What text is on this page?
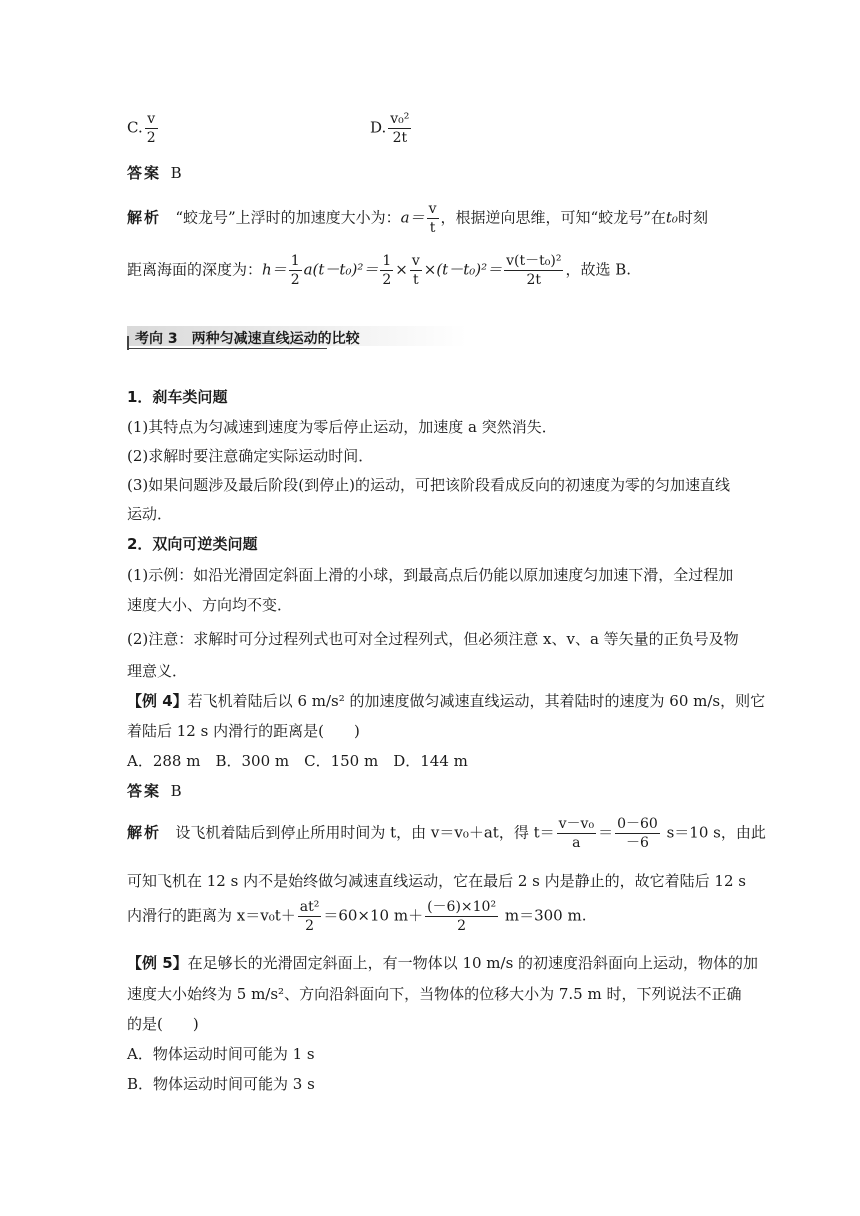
C. $\frac{v}{2}$	D. $\frac{\text{v₀²}}{2t}$
答案 B
解析 “蛟龙号”上浮时的加速度大小为：$a= \frac{v}{t}$ ，根据逆向思维，可知“蛟龙号”在t₀时刻
距离海面的深度为：$h= \frac{1}{2} a(t-t_0)^2= \frac{1}{2} \times \frac{v}{t} \times(t-t_0)^2= \frac{\text{v(t－t₀)²}}{2t}$ ，故选 B.
考向 3　两种匀减速直线运动的比较
1．刹车类问题
(1)其特点为匀减速到速度为零后停止运动，加速度 a 突然消失．
(2)求解时要注意确定实际运动时间．
(3)如果问题涉及最后阶段(到停止)的运动，可把该阶段看成反向的初速度为零的匀加速直线
运动．
2．双向可逆类问题
(1)示例：如沿光滑固定斜面上滑的小球，到最高点后仍能以原加速度匀加速下滑，全过程加
速度大小、方向均不变．
(2)注意：求解时可分过程列式也可对全过程列式，但必须注意 x、v、a 等矢量的正负号及物
理意义．
【例 4】若飞机着陆后以 6 m/s² 的加速度做匀减速直线运动，其着陆时的速度为 60 m/s，则它
着陆后 12 s 内滑行的距离是(　　)
A．288 m　B．300 m　C．150 m　D．144 m
答案 B
解析 设飞机着陆后到停止所用时间为 t，由 v＝v₀＋at，得 $t= \frac{\text{v－v₀}}{a} = \frac{0-60}{-6} s=10$ s，由此
可知飞机在 12 s 内不是始终做匀减速直线运动，它在最后 2 s 内是静止的，故它着陆后 12 s
内滑行的距离为 $x=v_0t+ \frac{\text{at²}}{2} =60\times 10$ $m+ \frac{\text{(－6)×10²}}{2} m=300$ m.
【例 5】在足够长的光滑固定斜面上，有一物体以 10 m/s 的初速度沿斜面向上运动，物体的加
速度大小始终为 5 m/s²、方向沿斜面向下，当物体的位移大小为 7.5 m 时，下列说法不正确
的是(　　)
A．物体运动时间可能为 1 s
B．物体运动时间可能为 3 s
